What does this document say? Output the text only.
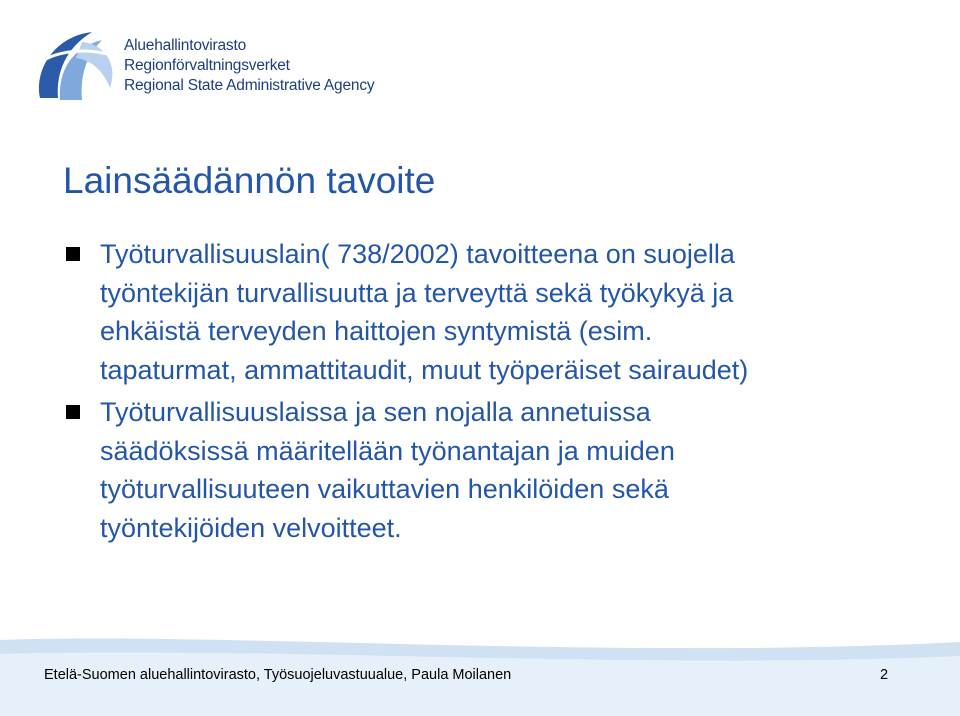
Aluehallintovirasto
Regionförvaltningsverket
Regional State Administrative Agency
Lainsäädännön tavoite
Työturvallisuuslain( 738/2002) tavoitteena on suojella
työntekijän turvallisuutta ja terveyttä sekä työkykyä ja
ehkäistä terveyden haittojen syntymistä (esim.
tapaturmat, ammattitaudit, muut työperäiset sairaudet)
Työturvallisuuslaissa ja sen nojalla annetuissa
säädöksissä määritellään työnantajan ja muiden
työturvallisuuteen vaikuttavien henkilöiden sekä
työntekijöiden velvoitteet.
Etelä-Suomen aluehallintovirasto, Työsuojeluvastuualue, Paula Moilanen	2
